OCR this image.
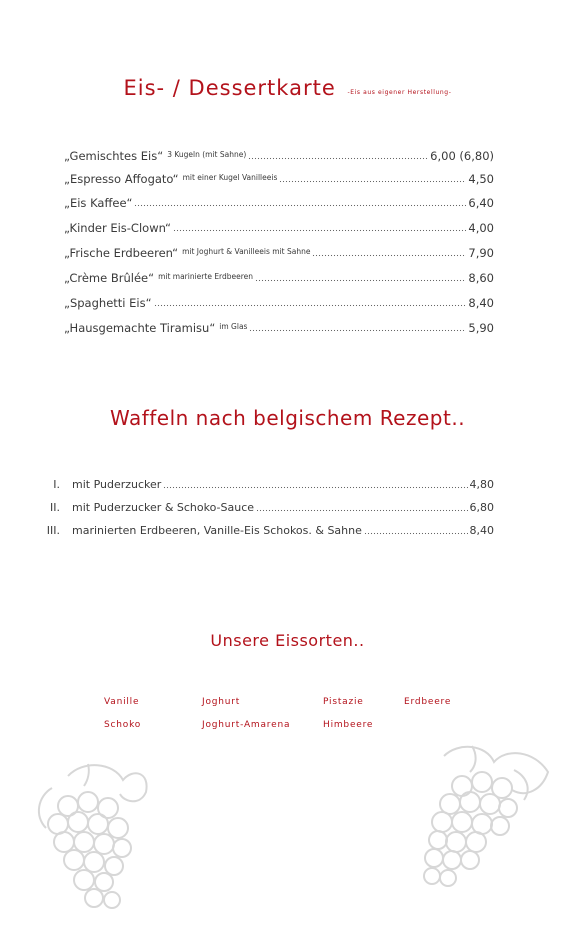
Eis- / Dessertkarte -Eis aus eigener Herstellung-
„Gemischtes Eis“ 3 Kugeln (mit Sahne)	6,00 (6,80)
„Espresso Affogato“ mit einer Kugel Vanilleeis	4,50
„Eis Kaffee“	6,40
„Kinder Eis-Clown“	4,00
„Frische Erdbeeren“ mit Joghurt & Vanilleeis mit Sahne	7,90
„Crème Brûlée“ mit marinierte Erdbeeren	8,60
„Spaghetti Eis“	8,40
„Hausgemachte Tiramisu“ im Glas	5,90
Waffeln nach belgischem Rezept..
I. mit Puderzucker	4,80
II. mit Puderzucker & Schoko-Sauce	6,80
III. marinierten Erdbeeren, Vanille-Eis Schokos. & Sahne	8,40
Unsere Eissorten..
Vanille	Joghurt	Pistazie	Erdbeere
Schoko	Joghurt-Amarena	Himbeere
